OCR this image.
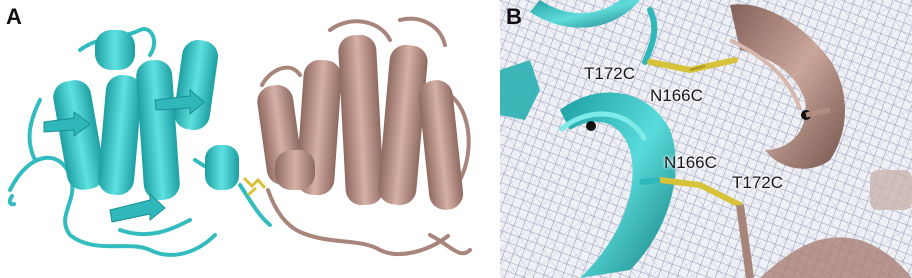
A	B
T172C
N166C
N166C
T172C
